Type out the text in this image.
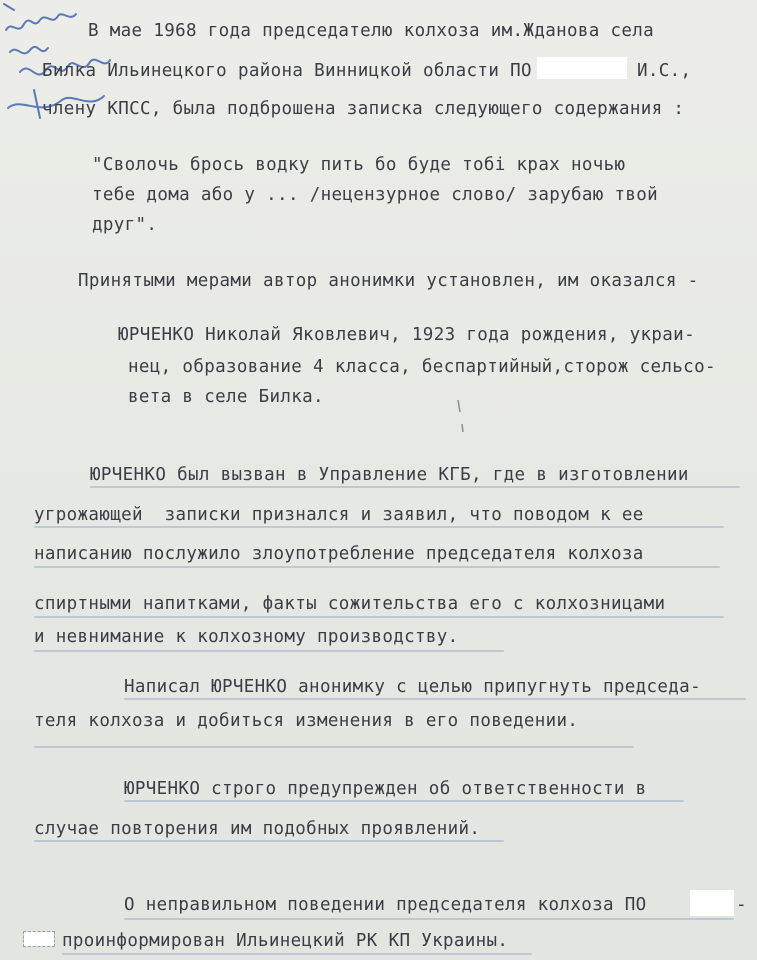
В мае 1968 года председателю колхоза им.Жданова села
Билка Ильинецкого района Винницкой области ПО	И.С.,
члену КПСС, была подброшена записка следующего содержания :
"Сволочь брось водку пить бо буде тобі крах ночью
тебе дома або у ... /нецензурное слово/ зарубаю твой
друг".
Принятыми мерами автор анонимки установлен, им оказался -
ЮРЧЕНКО Николай Яковлевич, 1923 года рождения, украи-
нец, образование 4 класса, беспартийный,сторож сельсо-
вета в селе Билка.
ЮРЧЕНКО был вызван в Управление КГБ, где в изготовлении
угрожающей  записки признался и заявил, что поводом к ее
написанию послужило злоупотребление председателя колхоза
спиртными напитками, факты сожительства его с колхозницами
и невнимание к колхозному производству.
Написал ЮРЧЕНКО анонимку с целью припугнуть председа-
теля колхоза и добиться изменения в его поведении.
ЮРЧЕНКО строго предупрежден об ответственности в
случае повторения им подобных проявлений.
О неправильном поведении председателя колхоза ПО	-
проинформирован Ильинецкий РК КП Украины.
